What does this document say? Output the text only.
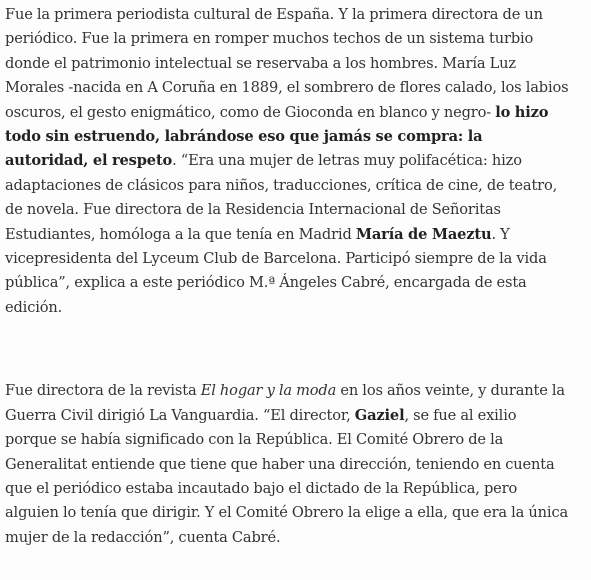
Fue la primera periodista cultural de España. Y la primera directora de un
periódico. Fue la primera en romper muchos techos de un sistema turbio
donde el patrimonio intelectual se reservaba a los hombres. María Luz
Morales -nacida en A Coruña en 1889, el sombrero de flores calado, los labios
oscuros, el gesto enigmático, como de Gioconda en blanco y negro- lo hizo
todo sin estruendo, labrándose eso que jamás se compra: la
autoridad, el respeto. “Era una mujer de letras muy polifacética: hizo
adaptaciones de clásicos para niños, traducciones, crítica de cine, de teatro,
de novela. Fue directora de la Residencia Internacional de Señoritas
Estudiantes, homóloga a la que tenía en Madrid María de Maeztu. Y
vicepresidenta del Lyceum Club de Barcelona. Participó siempre de la vida
pública”, explica a este periódico M.ª Ángeles Cabré, encargada de esta
edición.

Fue directora de la revista El hogar y la moda en los años veinte, y durante la
Guerra Civil dirigió La Vanguardia. “El director, Gaziel, se fue al exilio
porque se había significado con la República. El Comité Obrero de la
Generalitat entiende que tiene que haber una dirección, teniendo en cuenta
que el periódico estaba incautado bajo el dictado de la República, pero
alguien lo tenía que dirigir. Y el Comité Obrero la elige a ella, que era la única
mujer de la redacción”, cuenta Cabré.
